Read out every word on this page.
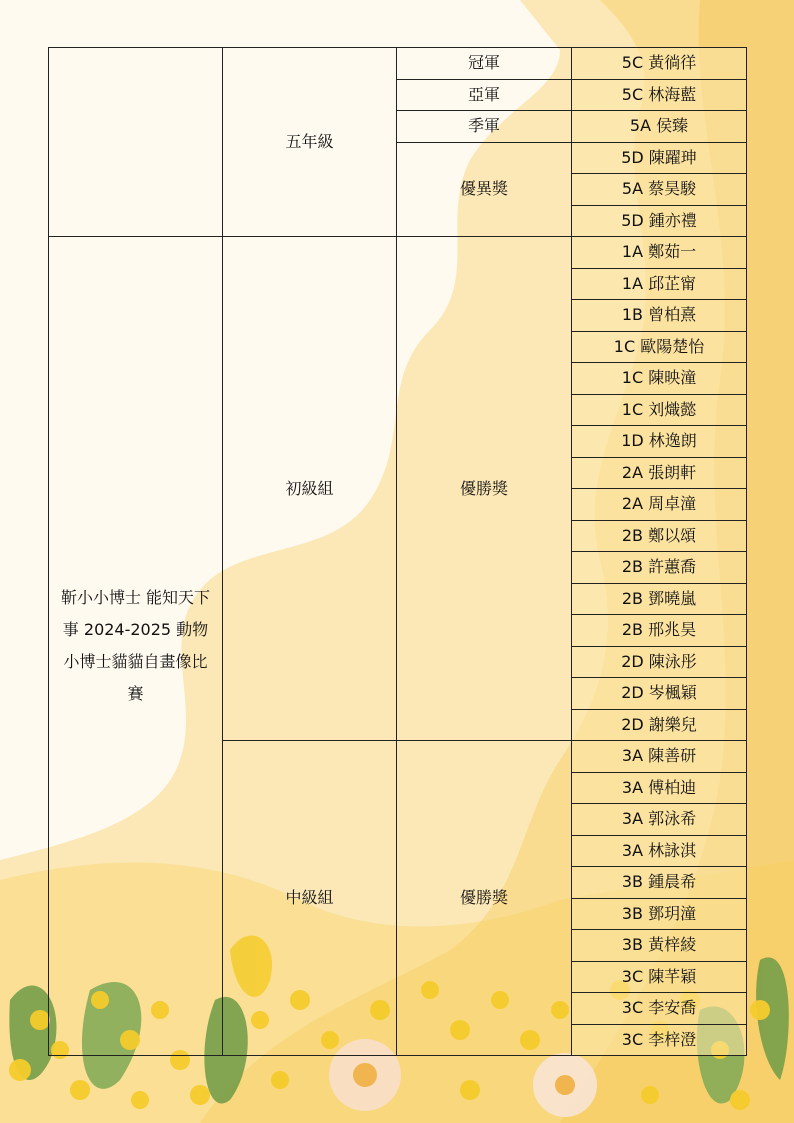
	五年級	冠軍	5C 黃徜徉
		亞軍	5C 林海藍
		季軍	5A 侯臻
		優異獎	5D 陳躍珅
			5A 蔡昊駿
			5D 鍾亦禮
靳小小博士 能知天下事 2024-2025 動物小博士貓貓自畫像比賽	初級組	優勝獎	1A 鄭茹一
			1A 邱芷甯
			1B 曾柏熹
			1C 歐陽楚怡
			1C 陳映潼
			1C 刘熾懿
			1D 林逸朗
			2A 張朗軒
			2A 周卓潼
			2B 鄭以頌
			2B 許蕙喬
			2B 鄧曉嵐
			2B 邢兆昊
			2D 陳泳彤
			2D 岑楓穎
			2D 謝樂兒
	中級組	優勝獎	3A 陳善研
			3A 傅柏迪
			3A 郭泳希
			3A 林詠淇
			3B 鍾晨希
			3B 鄧玥潼
			3B 黃梓綾
			3C 陳芊穎
			3C 李安喬
			3C 李梓澄
